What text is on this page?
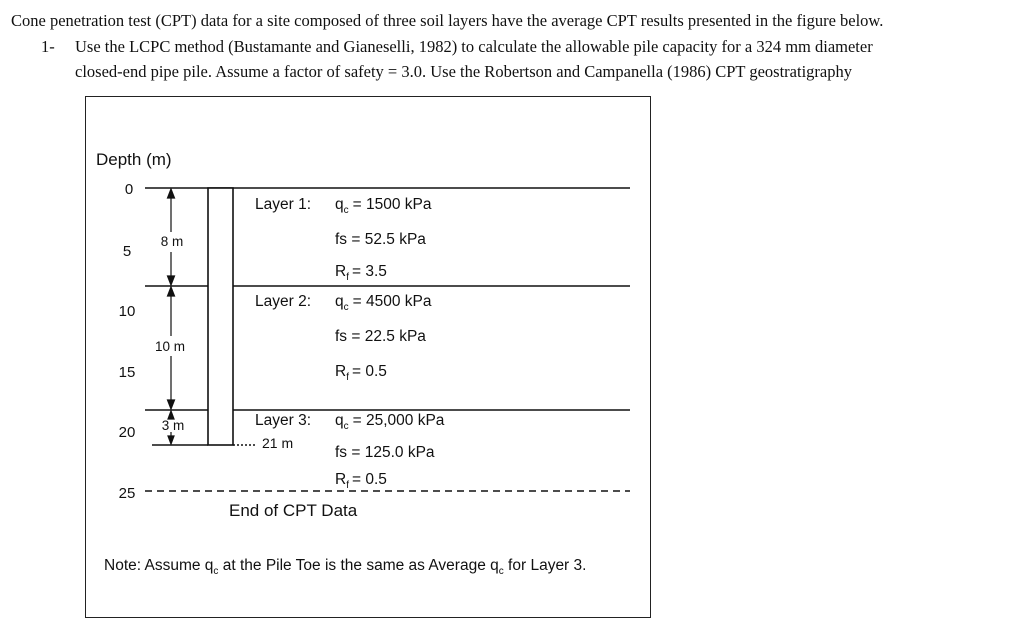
Cone penetration test (CPT) data for a site composed of three soil layers have the average CPT results presented in the figure below.
1- Use the LCPC method (Bustamante and Gianeselli, 1982) to calculate the allowable pile capacity for a 324 mm diameter
closed-end pipe pile. Assume a factor of safety = 3.0. Use the Robertson and Campanella (1986) CPT geostratigraphy
Depth (m)
0
5
10
15
20
25
21 m
8 m
10 m
3 m
Layer 1: $q_c = 1500$ kPa
fs = 52.5 kPa
$R_f = 3.5$
Layer 2: $q_c = 4500$ kPa
fs = 22.5 kPa
$R_f = 0.5$
Layer 3: $q_c = 25,000$ kPa
fs = 125.0 kPa
$R_f = 0.5$
End of CPT Data
Note: Assume $q_c$ at the Pile Toe is the same as Average $q_c$ for Layer 3.
